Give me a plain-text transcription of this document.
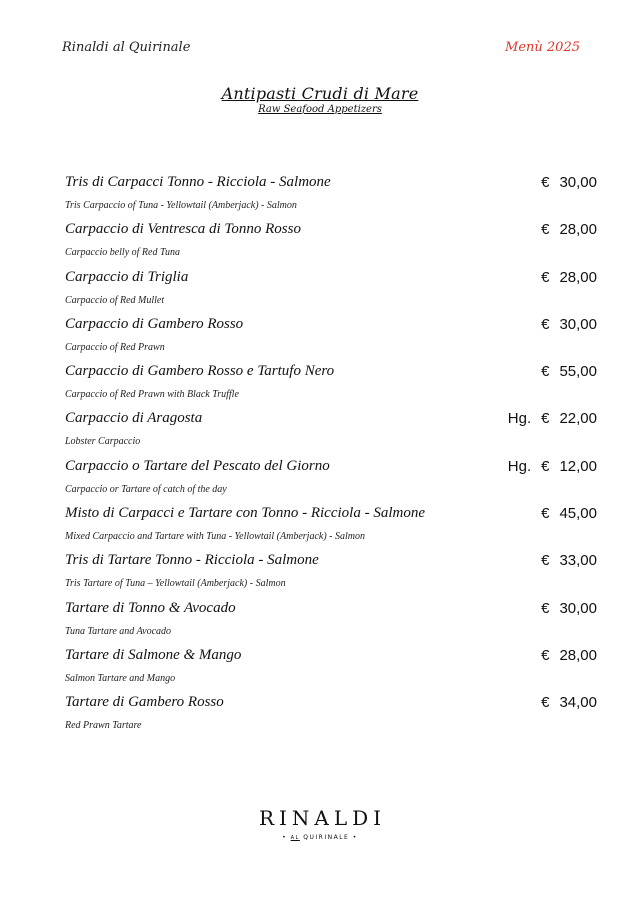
Rinaldi al Quirinale	Menù 2025
Antipasti Crudi di Mare
Raw Seafood Appetizers
Tris di Carpacci Tonno - Ricciola - Salmone
Tris Carpaccio of Tuna - Yellowtail (Amberjack) - Salmon
€ 30,00
Carpaccio di Ventresca di Tonno Rosso
Carpaccio belly of Red Tuna
€ 28,00
Carpaccio di Triglia
Carpaccio of Red Mullet
€ 28,00
Carpaccio di Gambero Rosso
Carpaccio of Red Prawn
€ 30,00
Carpaccio di Gambero Rosso e Tartufo Nero
Carpaccio of Red Prawn with Black Truffle
€ 55,00
Carpaccio di Aragosta
Lobster Carpaccio
Hg. € 22,00
Carpaccio o Tartare del Pescato del Giorno
Carpaccio or Tartare of catch of the day
Hg. € 12,00
Misto di Carpacci e Tartare con Tonno - Ricciola - Salmone
Mixed Carpaccio and Tartare with Tuna - Yellowtail (Amberjack) - Salmon
€ 45,00
Tris di Tartare Tonno - Ricciola - Salmone
Tris Tartare of Tuna – Yellowtail (Amberjack) - Salmon
€ 33,00
Tartare di Tonno & Avocado
Tuna Tartare and Avocado
€ 30,00
Tartare di Salmone & Mango
Salmon Tartare and Mango
€ 28,00
Tartare di Gambero Rosso
Red Prawn Tartare
€ 34,00
RINALDI
• AL QUIRINALE •
